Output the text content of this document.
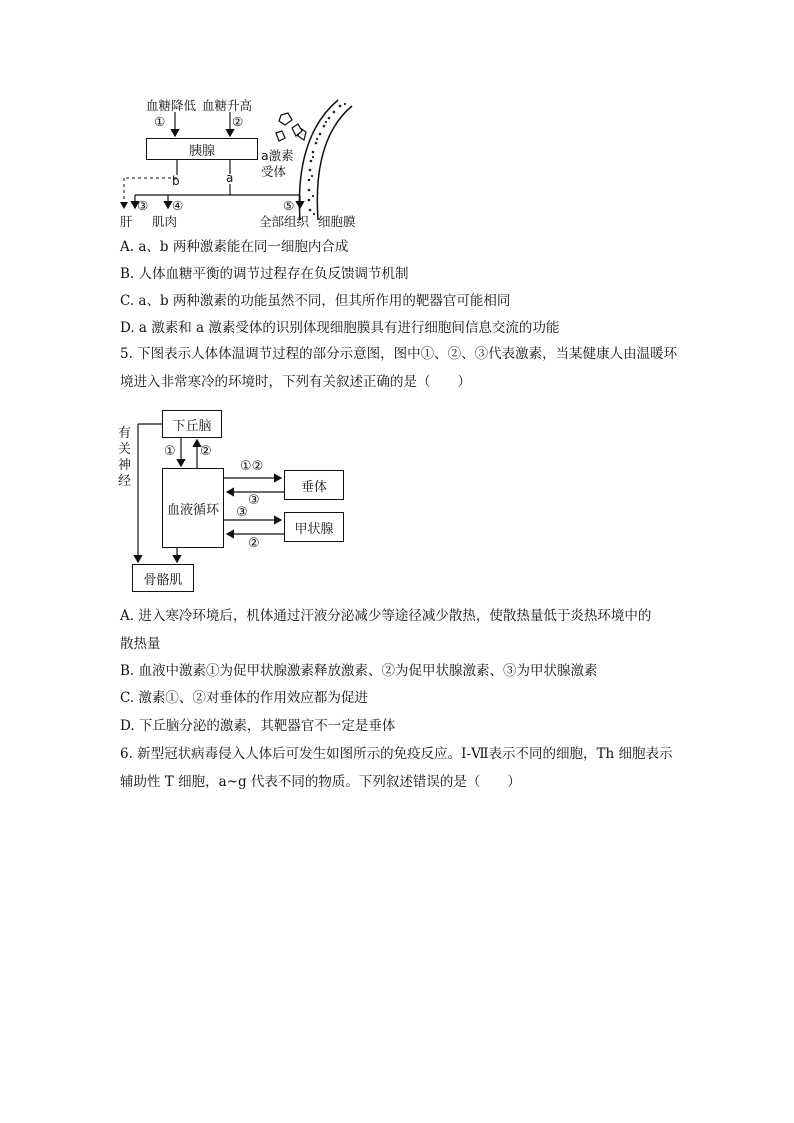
血糖降低 血糖升高
①	②
胰腺
b	a
a激素
受体
③
肝
④
肌肉
⑤
全部组织 细胞膜
A. a、b 两种激素能在同一细胞内合成
B. 人体血糖平衡的调节过程存在负反馈调节机制
C. a、b 两种激素的功能虽然不同，但其所作用的靶器官可能相同
D. a 激素和 a 激素受体的识别体现细胞膜具有进行细胞间信息交流的功能
5. 下图表示人体体温调节过程的部分示意图，图中①、②、③代表激素，当某健康人由温暖环境进入非常寒冷的环境时，下列有关叙述正确的是（　　）
下丘脑
有关神经
血液循环
垂体
甲状腺
骨骼肌
① ②
①②
③
③
②
A. 进入寒冷环境后，机体通过汗液分泌减少等途径减少散热，使散热量低于炎热环境中的
散热量
B. 血液中激素①为促甲状腺激素释放激素、②为促甲状腺激素、③为甲状腺激素
C. 激素①、②对垂体的作用效应都为促进
D. 下丘脑分泌的激素，其靶器官不一定是垂体
6. 新型冠状病毒侵入人体后可发生如图所示的免疫反应。I-Ⅶ表示不同的细胞，Th 细胞表示辅助性 T 细胞，a~g 代表不同的物质。下列叙述错误的是（　　）
